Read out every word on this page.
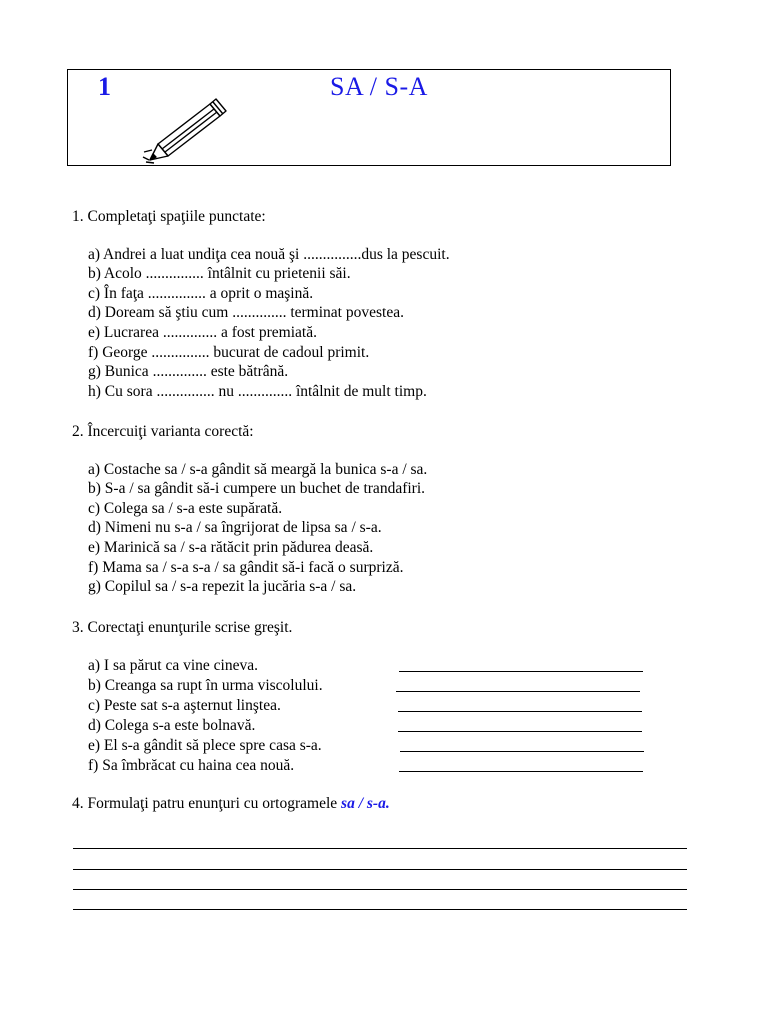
1	SA / S-A
1. Completaţi spaţiile punctate:
a) Andrei a luat undiţa cea nouă şi ...............dus la pescuit.
b) Acolo ............... întâlnit cu prietenii săi.
c) În faţa ............... a oprit o maşină.
d) Doream să ştiu cum .............. terminat povestea.
e) Lucrarea .............. a fost premiată.
f) George ............... bucurat de cadoul primit.
g) Bunica .............. este bătrână.
h) Cu sora ............... nu .............. întâlnit de mult timp.
2. Încercuiţi varianta corectă:
a) Costache sa / s-a gândit să meargă la bunica s-a / sa.
b) S-a / sa gândit să-i cumpere un buchet de trandafiri.
c) Colega sa / s-a este supărată.
d) Nimeni nu s-a / sa îngrijorat de lipsa sa / s-a.
e) Marinică sa / s-a rătăcit prin pădurea deasă.
f) Mama sa / s-a s-a / sa gândit să-i facă o surpriză.
g) Copilul sa / s-a repezit la jucăria s-a / sa.
3. Corectaţi enunţurile scrise greşit.
a) I sa părut ca vine cineva.
b) Creanga sa rupt în urma viscolului.
c) Peste sat s-a aşternut linştea.
d) Colega s-a este bolnavă.
e) El s-a gândit să plece spre casa s-a.
f) Sa îmbrăcat cu haina cea nouă.
4. Formulaţi patru enunţuri cu ortogramele sa / s-a.
